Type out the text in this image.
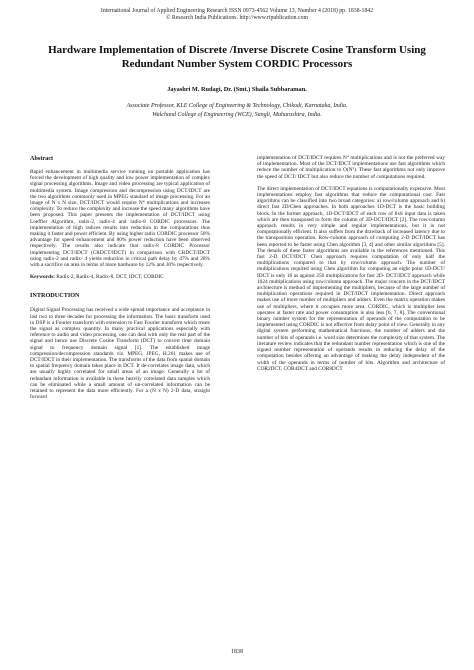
International Journal of Applied Engineering Research ISSN 0973-4562 Volume 13, Number 4 (2018) pp. 1838-1842
© Research India Publications. http://www.ripublication.com
Hardware Implementation of Discrete /Inverse Discrete Cosine Transform Using Redundant Number System CORDIC Processors
Jayashri M. Rudagi, Dr. (Smt.) Shaila Subbaraman.
Associate Professor, KLE College of Engineering & Technology, Chikodi, Karnataka, India.
Walchand College of Engineering (WCE), Sangli, Maharashtra, India.

Abstract

Rapid enhancement in multimedia service running on portable application has forced the development of high quality and low power implementation of complex signal processing algorithms. Image and video processing are typical application of multimedia system. Image compression and decompression using DCT/IDCT are the two algorithms commonly used in MPEG standard of image processing. For an image of N x N size, DCT/IDCT would require N⁴ multiplications and increases complexity. To reduce the complexity and increase the speed many algorithms have been proposed. This paper presents the implementation of DCT/IDCT using Loeffler Algorithm, radix-2, radix-4 and radix-8 CORDIC processors. The implementation of high radices results into reduction in the computations thus making it faster and power efficient. By using higher radix CORDIC processor 50% advantage for speed enhancement and 80% power reduction have been observed respectively. The results also indicate that radix-8 CORDIC Processor implementing DCT/IDCT (CRDCT/IDCT) in comparison with CRDCT/IDCT using radix-2 and radix- 4 yields reduction in critical path delay by 47% and 28% with a sacrifice on area in terms of more hardware by 12% and 30% respectively.

Keywords: Radix-2, Radix-4, Radix-8, DCT, IDCT, CORDIC

INTRODUCTION

Digital Signal Processing has received a wide spread importance and acceptance in last two to three decades for processing the information. The basic transform used in DSP is a Fourier transform with extension to Fast Fourier transform which treats the signal as complex quantity. In many practical applications especially with reference to audio and video processing, one can deal with only the real part of the signal and hence use Discrete Cosine Transform (DCT) to convert time domain signal to frequency domain signal [1]. The established image compression/decompression standards viz. MPEG, JPEG, H.261 makes use of DCT/IDCT in their implementation. The transforms of the data from spatial domain to spatial frequency domain takes place in DCT. It de-correlates image data, which are usually highly correlated for small areas of an image. Generally a lot of redundant information is available in these heavily correlated data samples which can be eliminated while a small amount of un-correlated information can be retained to represent the data more efficiently. For a (N x N) 2-D data, straight forward

implementation of DCT/IDCT requires N⁴ multiplications and is not the preferred way of implementation. Most of the DCT/IDCT implementations use fast algorithms which reduce the number of multiplication to O(N³). These fast algorithms not only improve the speed of DCT/ IDCT but also reduce the number of computations required.

The direct implementation of DCT/IDCT equations is computationally expensive. Most implementations employ fast algorithms that reduce the computational cost. Fast algorithms can be classified into two broad categories: a) row/column approach and b) direct fast 2D/Chen approaches. In both approaches 1D-DCT is the basic building block. In the former approach, 1D-DCT/IDCT of each row of 8x8 input data is taken which are then transposed to form the column of 2D-DCT/IDCT [2]. The row/column approach results in very simple and regular implementations, but it is not computationally efficient. It also suffers from the drawback of increased latency due to the transposition operation. Row-column approach of computing 2-D DCT/IDCT has been reported to be faster using Chen algorithm [3, 4] and other similar algorithms [5]. The details of these faster algorithms are available in the references mentioned. This fast 2-D DCT/IDCT Chen approach requires computation of only half the multiplications compared to that by row/column approach. The number of multiplications required using Chen algorithm for computing an eight point 1D-DCT/ IDCT is only 16 as against 256 multiplications for fast 2D- DCT/IDCT approach while 1024 multiplications using row/column approach. The major concern in the DCT/IDCT architecture is method of implementing the multipliers, because of the large number of multiplication operations required in DCT/IDCT implementation. Direct approach makes use of more number of multipliers and adders. Even the matrix operation makes use of multipliers, where it occupies more area. CORDIC, which is multiplier less operates at faster rate and power consumption is also less [6, 7, 8]. The conventional binary number system for the representation of operands of the computation to be implemented using CORDIC is not effective from delay point of view. Generally in any digital system performing mathematical functions, the number of adders and the number of bits of operands i.e. word size determines the complexity of that system. The literature review indicates that the redundant number representation which is one of the signed number representation of operands results in reducing the delay of the computation besides offering an advantage of making the delay independent of the width of the operands in terms of number of bits. Algorithm and architecture of COR2DCT, COR4DCT and COR8DCT

1838
